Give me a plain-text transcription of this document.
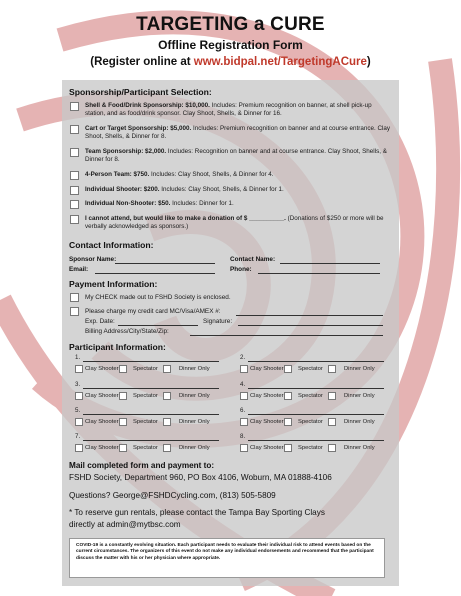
TARGETING a CURE
Offline Registration Form
(Register online at www.bidpal.net/TargetingACure)
Sponsorship/Participant Selection:
Shell & Food/Drink Sponsorship: $10,000. Includes: Premium recognition on banner, at shell pick-up station, and as food/drink sponsor. Clay Shoot, Shells, & Dinner for 16.
Cart or Target Sponsorship: $5,000. Includes: Premium recognition on banner and at course entrance. Clay Shoot, Shells, & Dinner for 8.
Team Sponsorship: $2,000. Includes: Recognition on banner and at course entrance. Clay Shoot, Shells, & Dinner for 8.
4-Person Team: $750. Includes: Clay Shoot, Shells, & Dinner for 4.
Individual Shooter: $200. Includes: Clay Shoot, Shells, & Dinner for 1.
Individual Non-Shooter: $50. Includes: Dinner for 1.
I cannot attend, but would like to make a donation of $ __________. (Donations of $250 or more will be verbally acknowledged as sponsors.)
Contact Information:
Sponsor Name:	Contact Name:
Email:	Phone:
Payment Information:
My CHECK made out to FSHD Society is enclosed.
Please charge my credit card MC/Visa/AMEX #:
Exp. Date:	Signature:
Billing Address/City/State/Zip:
Participant Information:
1.
Clay Shooter Spectator	Dinner Only
2.
Clay Shooter Spectator	Dinner Only
3.
Clay Shooter Spectator	Dinner Only
4.
Clay Shooter Spectator	Dinner Only
5.
Clay Shooter Spectator	Dinner Only
6.
Clay Shooter Spectator	Dinner Only
7.
Clay Shooter Spectator	Dinner Only
8.
Clay Shooter Spectator	Dinner Only
Mail completed form and payment to:
FSHD Society, Department 960, PO Box 4106, Woburn, MA 01888-4106
Questions? George@FSHDCycling.com, (813) 505-5809
* To reserve gun rentals, please contact the Tampa Bay Sporting Clays
directly at admin@mytbsc.com
COVID-19 is a constantly evolving situation. Each participant needs to evaluate their individual risk to attend events based on the current circumstances. The organizers of this event do not make any individual endorsements and recommend that the participant discuss the matter with his or her physician where appropriate.
